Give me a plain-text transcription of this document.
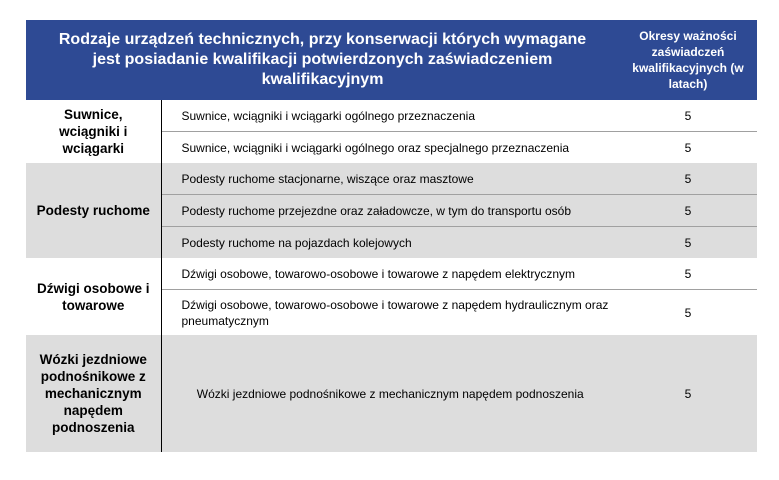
Rodzaje urządzeń technicznych, przy konserwacji których wymagane jest posiadanie kwalifikacji potwierdzonych zaświadczeniem kwalifikacyjnym		Okresy ważności zaświadczeń kwalifikacyjnych (w latach)
Suwnice, wciągniki i wciągarki	Suwnice, wciągniki i wciągarki ogólnego przeznaczenia	5
	Suwnice, wciągniki i wciągarki ogólnego oraz specjalnego przeznaczenia	5
Podesty ruchome	Podesty ruchome stacjonarne, wiszące oraz masztowe	5
	Podesty ruchome przejezdne oraz załadowcze, w tym do transportu osób	5
	Podesty ruchome na pojazdach kolejowych	5
Dźwigi osobowe i towarowe	Dźwigi osobowe, towarowo-osobowe i towarowe z napędem elektrycznym	5
	Dźwigi osobowe, towarowo-osobowe i towarowe z napędem hydraulicznym oraz pneumatycznym	5
Wózki jezdniowe podnośnikowe z mechanicznym napędem podnoszenia	Wózki jezdniowe podnośnikowe z mechanicznym napędem podnoszenia	5
